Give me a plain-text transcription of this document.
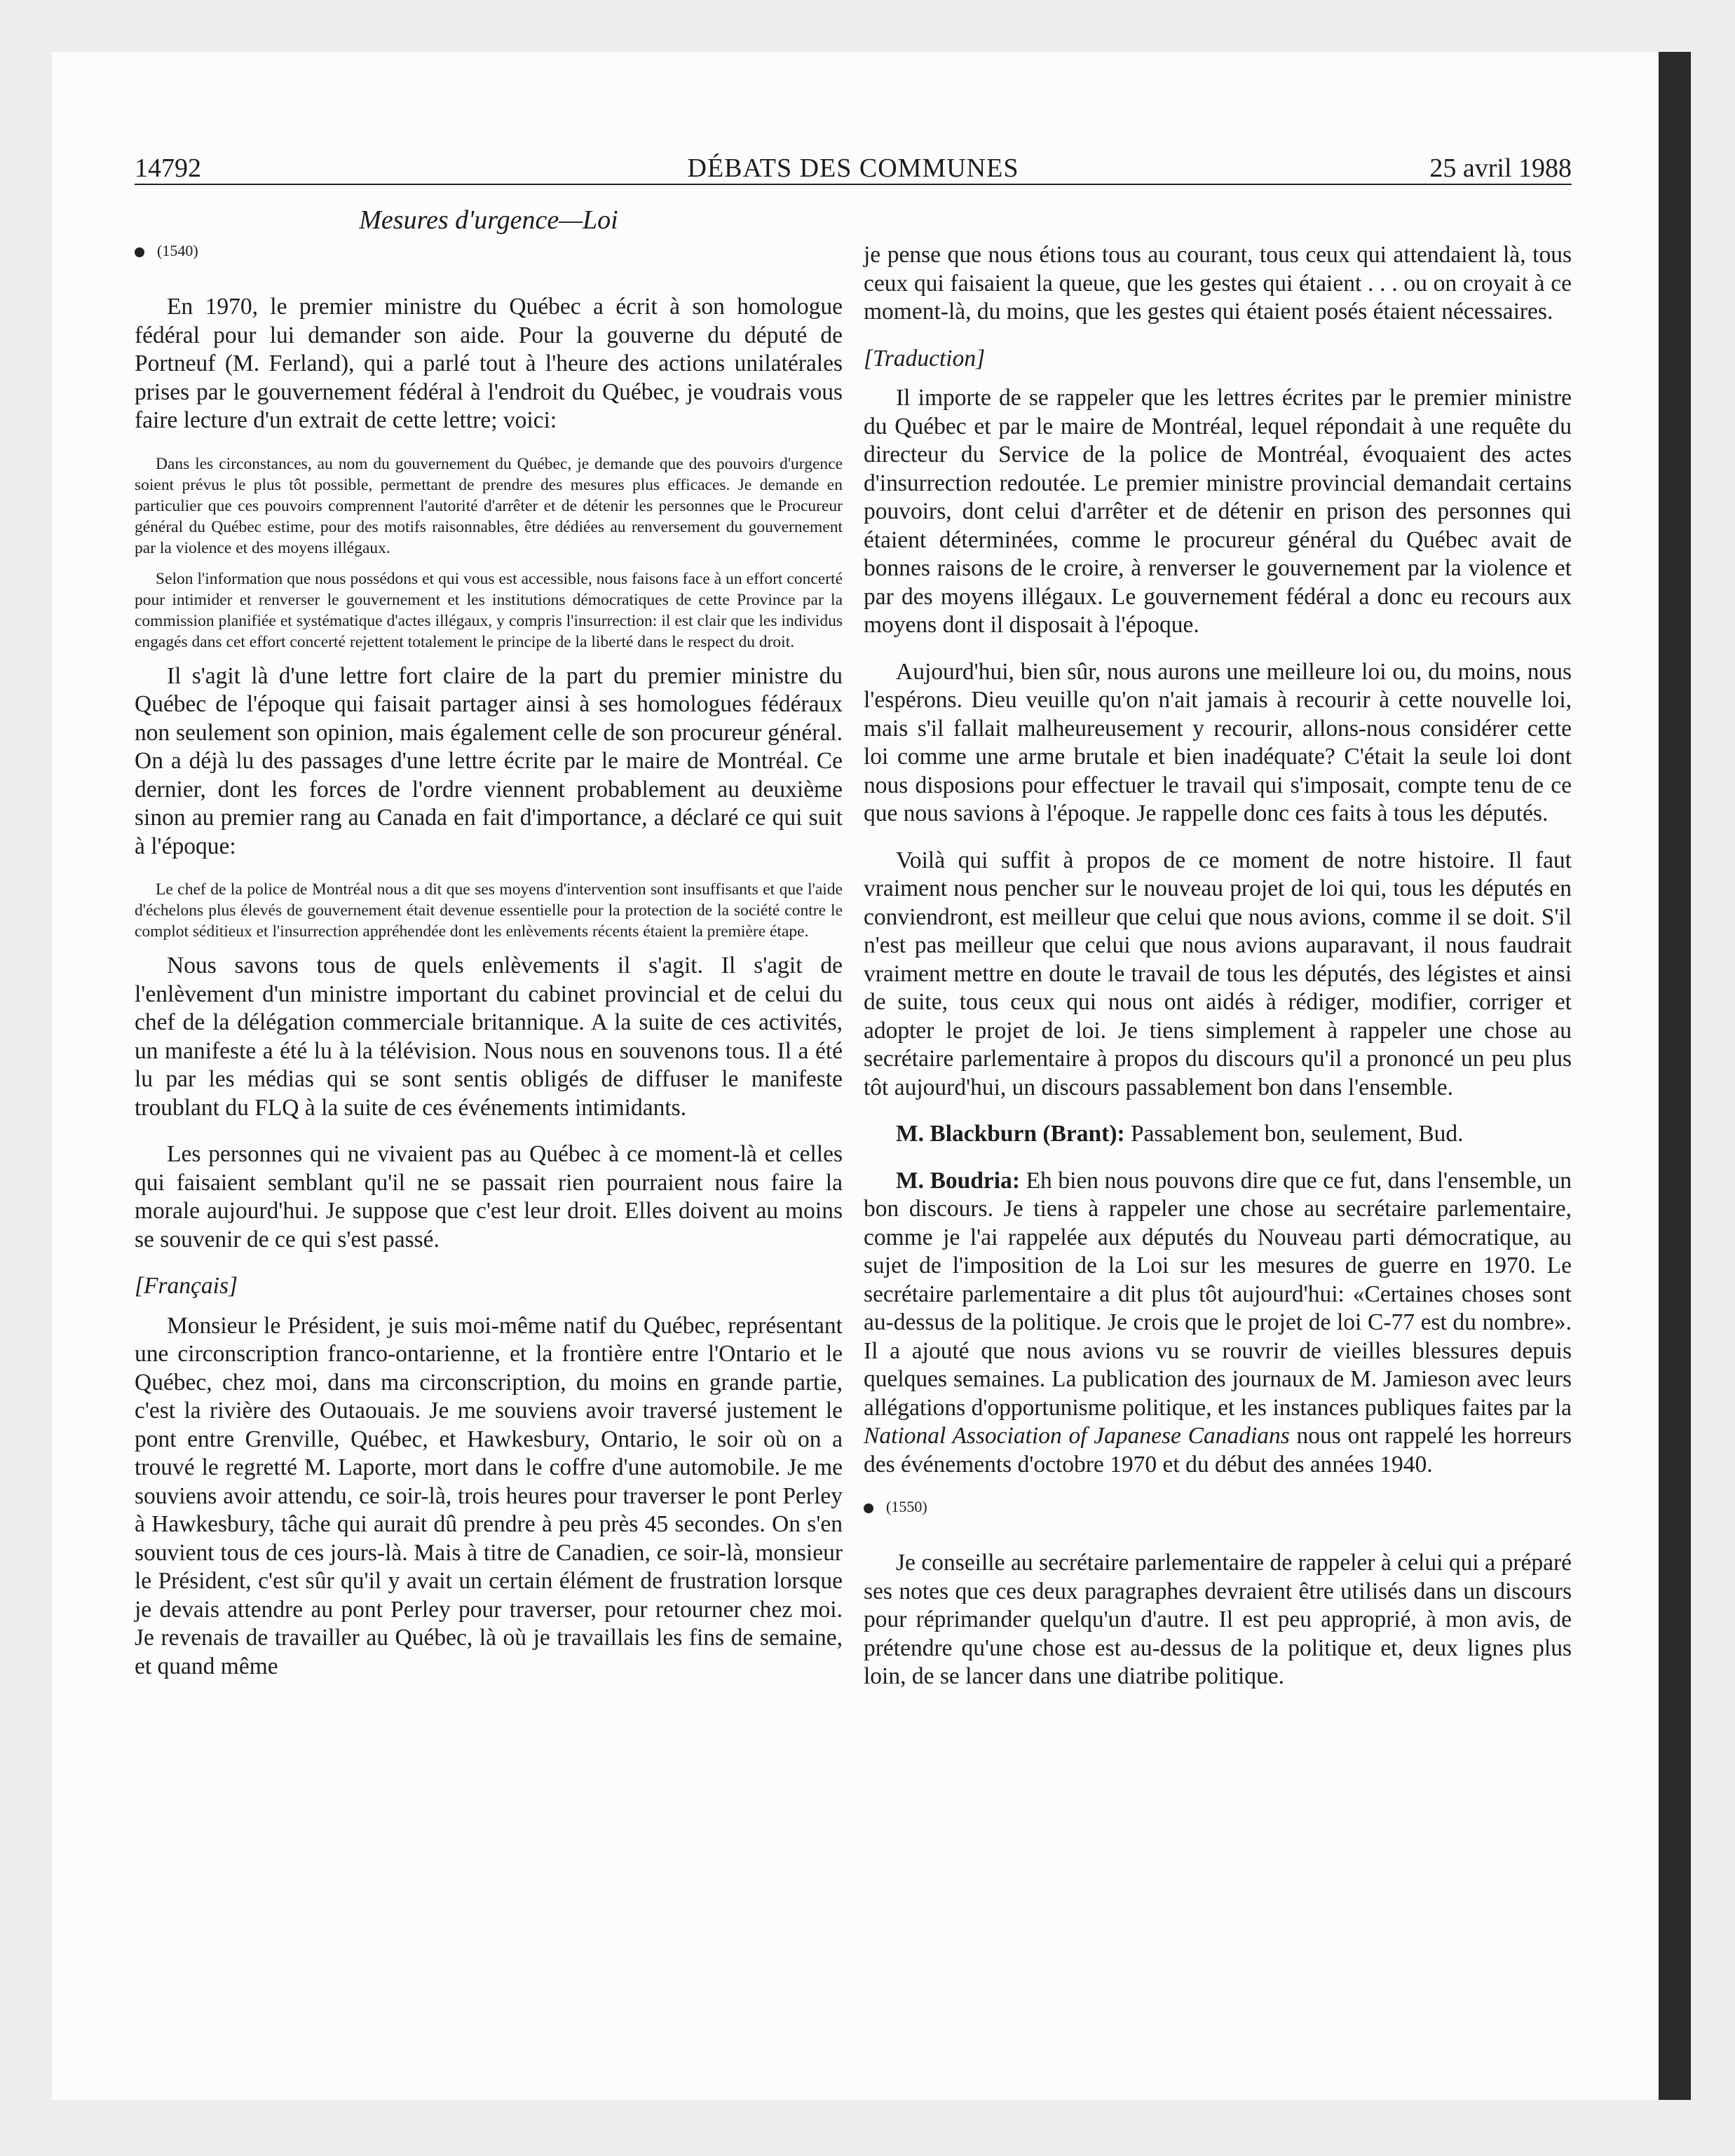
14792	DÉBATS DES COMMUNES	25 avril 1988
Mesures d'urgence—Loi
(1540)

En 1970, le premier ministre du Québec a écrit à son homologue fédéral pour lui demander son aide. Pour la gouverne du député de Portneuf (M. Ferland), qui a parlé tout à l'heure des actions unilatérales prises par le gouvernement fédéral à l'endroit du Québec, je voudrais vous faire lecture d'un extrait de cette lettre; voici:

Dans les circonstances, au nom du gouvernement du Québec, je demande que des pouvoirs d'urgence soient prévus le plus tôt possible, permettant de prendre des mesures plus efficaces. Je demande en particulier que ces pouvoirs comprennent l'autorité d'arrêter et de détenir les personnes que le Procureur général du Québec estime, pour des motifs raisonnables, être dédiées au renversement du gouvernement par la violence et des moyens illégaux.

Selon l'information que nous possédons et qui vous est accessible, nous faisons face à un effort concerté pour intimider et renverser le gouvernement et les institutions démocratiques de cette Province par la commission planifiée et systématique d'actes illégaux, y compris l'insurrection: il est clair que les individus engagés dans cet effort concerté rejettent totalement le principe de la liberté dans le respect du droit.

Il s'agit là d'une lettre fort claire de la part du premier ministre du Québec de l'époque qui faisait partager ainsi à ses homologues fédéraux non seulement son opinion, mais également celle de son procureur général. On a déjà lu des passages d'une lettre écrite par le maire de Montréal. Ce dernier, dont les forces de l'ordre viennent probablement au deuxième sinon au premier rang au Canada en fait d'importance, a déclaré ce qui suit à l'époque:

Le chef de la police de Montréal nous a dit que ses moyens d'intervention sont insuffisants et que l'aide d'échelons plus élevés de gouvernement était devenue essentielle pour la protection de la société contre le complot séditieux et l'insurrection appréhendée dont les enlèvements récents étaient la première étape.

Nous savons tous de quels enlèvements il s'agit. Il s'agit de l'enlèvement d'un ministre important du cabinet provincial et de celui du chef de la délégation commerciale britannique. A la suite de ces activités, un manifeste a été lu à la télévision. Nous nous en souvenons tous. Il a été lu par les médias qui se sont sentis obligés de diffuser le manifeste troublant du FLQ à la suite de ces événements intimidants.

Les personnes qui ne vivaient pas au Québec à ce moment-là et celles qui faisaient semblant qu'il ne se passait rien pourraient nous faire la morale aujourd'hui. Je suppose que c'est leur droit. Elles doivent au moins se souvenir de ce qui s'est passé.

[Français]

Monsieur le Président, je suis moi-même natif du Québec, représentant une circonscription franco-ontarienne, et la frontière entre l'Ontario et le Québec, chez moi, dans ma circonscription, du moins en grande partie, c'est la rivière des Outaouais. Je me souviens avoir traversé justement le pont entre Grenville, Québec, et Hawkesbury, Ontario, le soir où on a trouvé le regretté M. Laporte, mort dans le coffre d'une automobile. Je me souviens avoir attendu, ce soir-là, trois heures pour traverser le pont Perley à Hawkesbury, tâche qui aurait dû prendre à peu près 45 secondes. On s'en souvient tous de ces jours-là. Mais à titre de Canadien, ce soir-là, monsieur le Président, c'est sûr qu'il y avait un certain élément de frustration lorsque je devais attendre au pont Perley pour traverser, pour retourner chez moi. Je revenais de travailler au Québec, là où je travaillais les fins de semaine, et quand même

je pense que nous étions tous au courant, tous ceux qui attendaient là, tous ceux qui faisaient la queue, que les gestes qui étaient . . . ou on croyait à ce moment-là, du moins, que les gestes qui étaient posés étaient nécessaires.

[Traduction]

Il importe de se rappeler que les lettres écrites par le premier ministre du Québec et par le maire de Montréal, lequel répondait à une requête du directeur du Service de la police de Montréal, évoquaient des actes d'insurrection redoutée. Le premier ministre provincial demandait certains pouvoirs, dont celui d'arrêter et de détenir en prison des personnes qui étaient déterminées, comme le procureur général du Québec avait de bonnes raisons de le croire, à renverser le gouvernement par la violence et par des moyens illégaux. Le gouvernement fédéral a donc eu recours aux moyens dont il disposait à l'époque.

Aujourd'hui, bien sûr, nous aurons une meilleure loi ou, du moins, nous l'espérons. Dieu veuille qu'on n'ait jamais à recourir à cette nouvelle loi, mais s'il fallait malheureusement y recourir, allons-nous considérer cette loi comme une arme brutale et bien inadéquate? C'était la seule loi dont nous disposions pour effectuer le travail qui s'imposait, compte tenu de ce que nous savions à l'époque. Je rappelle donc ces faits à tous les députés.

Voilà qui suffit à propos de ce moment de notre histoire. Il faut vraiment nous pencher sur le nouveau projet de loi qui, tous les députés en conviendront, est meilleur que celui que nous avions, comme il se doit. S'il n'est pas meilleur que celui que nous avions auparavant, il nous faudrait vraiment mettre en doute le travail de tous les députés, des légistes et ainsi de suite, tous ceux qui nous ont aidés à rédiger, modifier, corriger et adopter le projet de loi. Je tiens simplement à rappeler une chose au secrétaire parlementaire à propos du discours qu'il a prononcé un peu plus tôt aujourd'hui, un discours passablement bon dans l'ensemble.

M. Blackburn (Brant): Passablement bon, seulement, Bud.

M. Boudria: Eh bien nous pouvons dire que ce fut, dans l'ensemble, un bon discours. Je tiens à rappeler une chose au secrétaire parlementaire, comme je l'ai rappelée aux députés du Nouveau parti démocratique, au sujet de l'imposition de la Loi sur les mesures de guerre en 1970. Le secrétaire parlementaire a dit plus tôt aujourd'hui: «Certaines choses sont au-dessus de la politique. Je crois que le projet de loi C-77 est du nombre». Il a ajouté que nous avions vu se rouvrir de vieilles blessures depuis quelques semaines. La publication des journaux de M. Jamieson avec leurs allégations d'opportunisme politique, et les instances publiques faites par la National Association of Japanese Canadians nous ont rappelé les horreurs des événements d'octobre 1970 et du début des années 1940.

(1550)

Je conseille au secrétaire parlementaire de rappeler à celui qui a préparé ses notes que ces deux paragraphes devraient être utilisés dans un discours pour réprimander quelqu'un d'autre. Il est peu approprié, à mon avis, de prétendre qu'une chose est au-dessus de la politique et, deux lignes plus loin, de se lancer dans une diatribe politique.
